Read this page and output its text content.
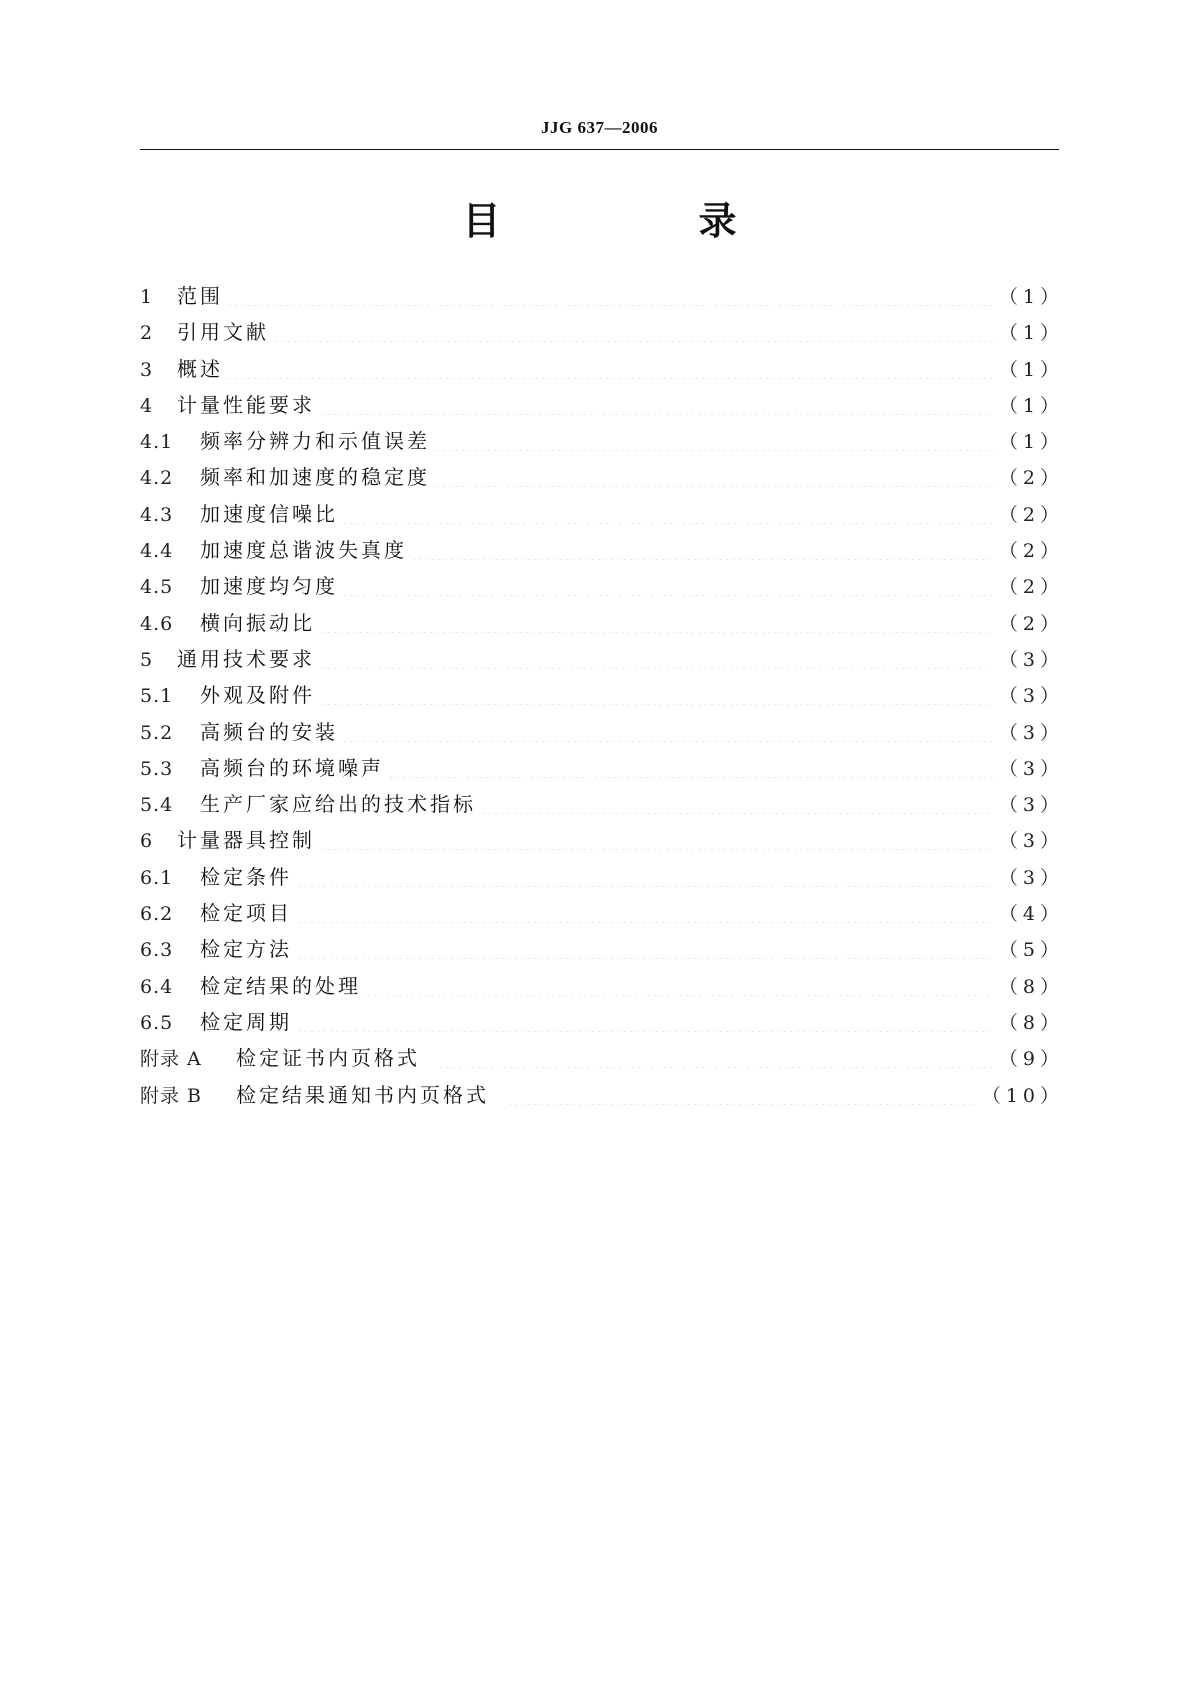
JJG 637—2006
目　录
1	范围	（1）
2	引用文献	（1）
3	概述	（1）
4	计量性能要求	（1）
4.1	频率分辨力和示值误差	（1）
4.2	频率和加速度的稳定度	（2）
4.3	加速度信噪比	（2）
4.4	加速度总谐波失真度	（2）
4.5	加速度均匀度	（2）
4.6	横向振动比	（2）
5	通用技术要求	（3）
5.1	外观及附件	（3）
5.2	高频台的安装	（3）
5.3	高频台的环境噪声	（3）
5.4	生产厂家应给出的技术指标	（3）
6	计量器具控制	（3）
6.1	检定条件	（3）
6.2	检定项目	（4）
6.3	检定方法	（5）
6.4	检定结果的处理	（8）
6.5	检定周期	（8）
附录 A	检定证书内页格式	（9）
附录 B	检定结果通知书内页格式	（10）
